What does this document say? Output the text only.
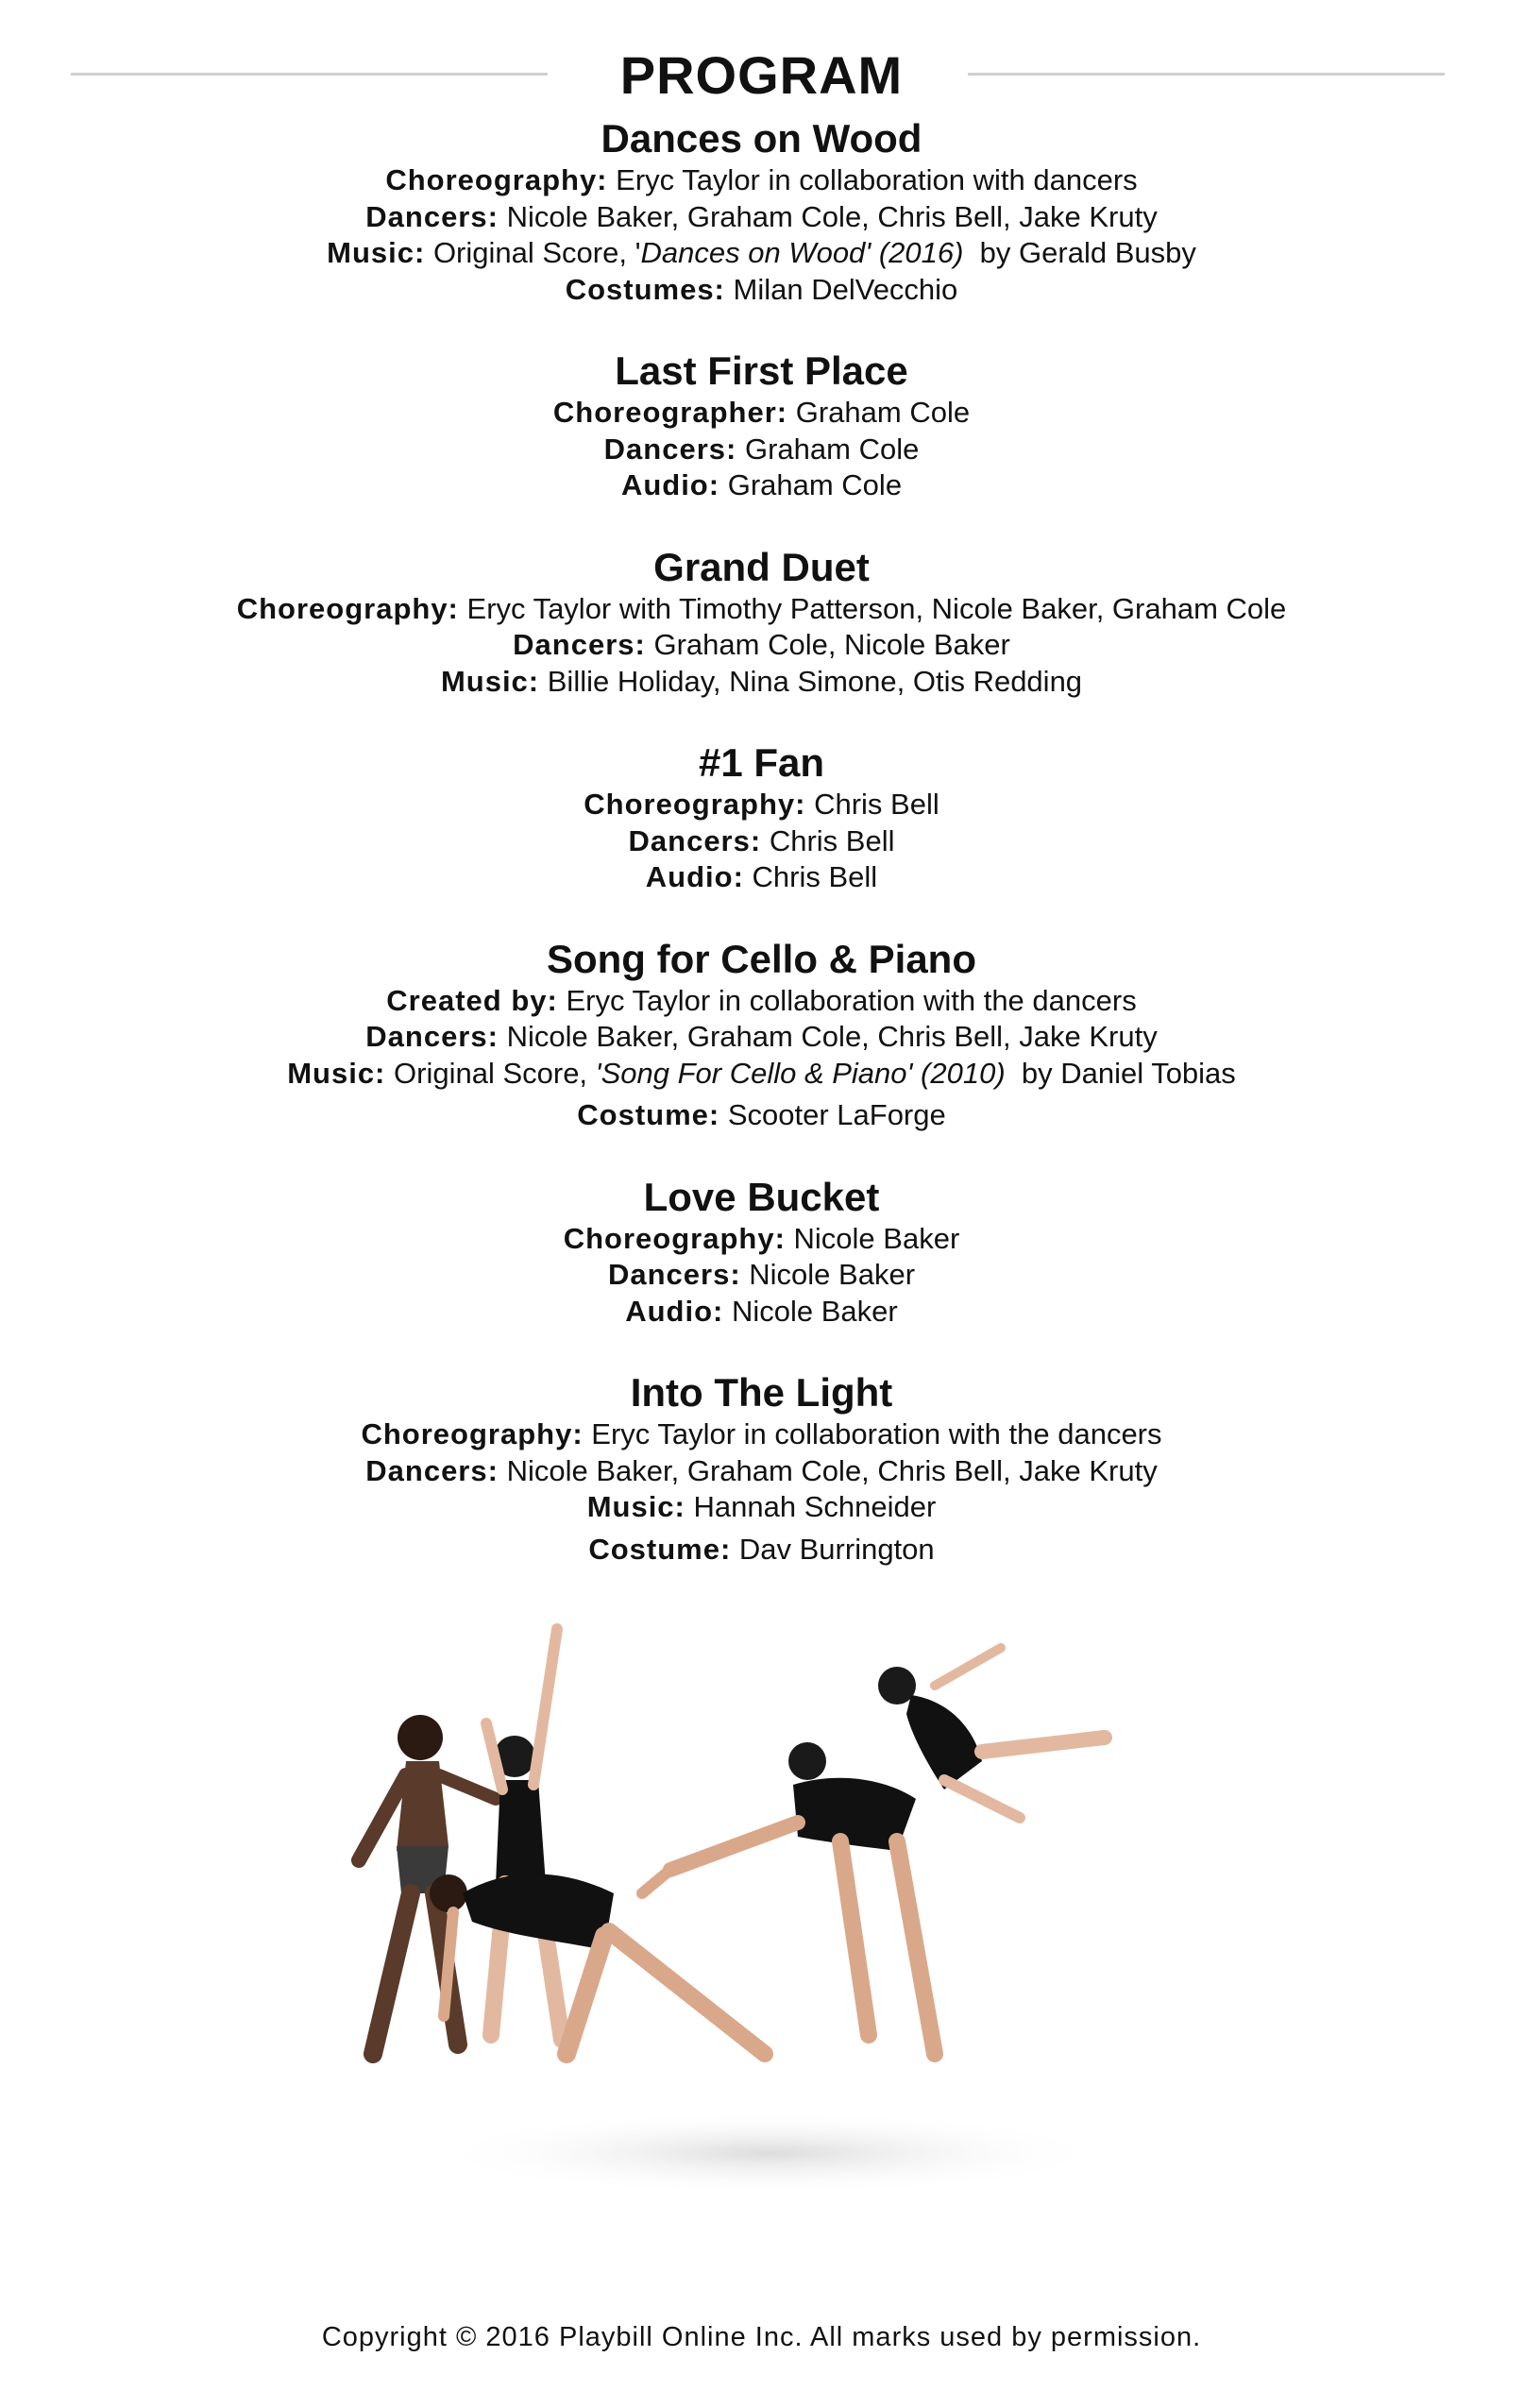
PROGRAM
Dances on Wood
Choreography: Eryc Taylor in collaboration with dancers
Dancers: Nicole Baker, Graham Cole, Chris Bell, Jake Kruty
Music: Original Score, 'Dances on Wood' (2016)  by Gerald Busby
Costumes: Milan DelVecchio
Last First Place
Choreographer: Graham Cole
Dancers: Graham Cole
Audio: Graham Cole
Grand Duet
Choreography: Eryc Taylor with Timothy Patterson, Nicole Baker, Graham Cole
Dancers: Graham Cole, Nicole Baker
Music: Billie Holiday, Nina Simone, Otis Redding
#1 Fan
Choreography: Chris Bell
Dancers: Chris Bell
Audio: Chris Bell
Song for Cello & Piano
Created by: Eryc Taylor in collaboration with the dancers
Dancers: Nicole Baker, Graham Cole, Chris Bell, Jake Kruty
Music: Original Score, 'Song For Cello & Piano' (2010)  by Daniel Tobias
Costume: Scooter LaForge
Love Bucket
Choreography: Nicole Baker
Dancers: Nicole Baker
Audio: Nicole Baker
Into The Light
Choreography: Eryc Taylor in collaboration with the dancers
Dancers: Nicole Baker, Graham Cole, Chris Bell, Jake Kruty
Music: Hannah Schneider
Costume: Dav Burrington
Copyright © 2016 Playbill Online Inc. All marks used by permission.
